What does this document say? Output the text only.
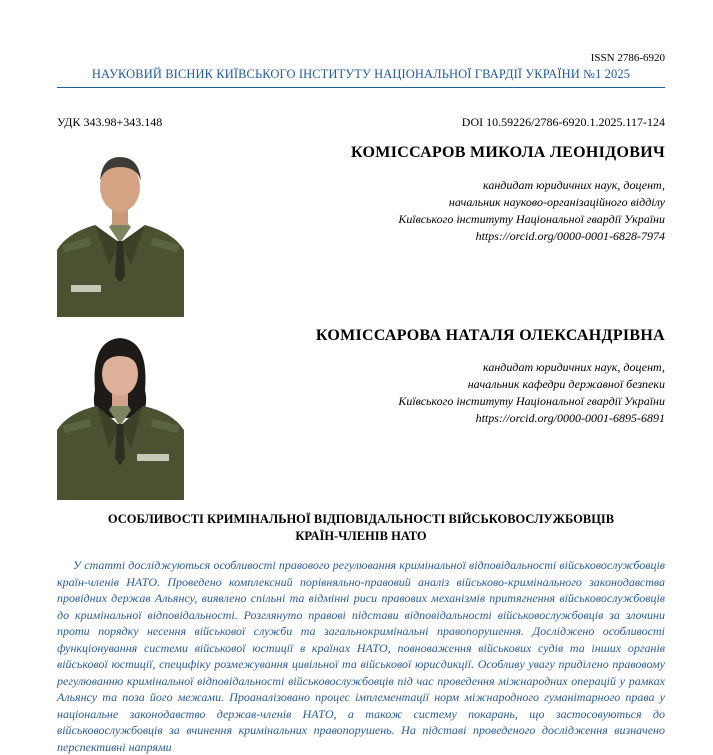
ISSN 2786-6920
НАУКОВИЙ ВІСНИК КИЇВСЬКОГО ІНСТИТУТУ НАЦІОНАЛЬНОЇ ГВАРДІЇ УКРАЇНИ №1 2025
УДК 343.98+343.148	DOI 10.59226/2786-6920.1.2025.117-124
КОМІССАРОВ МИКОЛА ЛЕОНІДОВИЧ
кандидат юридичних наук, доцент,
начальник науково-організаційного відділу
Київського інституту Національної гвардії України
https://orcid.org/0000-0001-6828-7974
КОМІССАРОВА НАТАЛЯ ОЛЕКСАНДРІВНА
кандидат юридичних наук, доцент,
начальник кафедри державної безпеки
Київського інституту Національної гвардії України
https://orcid.org/0000-0001-6895-6891
ОСОБЛИВОСТІ КРИМІНАЛЬНОЇ ВІДПОВІДАЛЬНОСТІ ВІЙСЬКОВОСЛУЖБОВЦІВ
КРАЇН-ЧЛЕНІВ НАТО
У статті досліджуються особливості правового регулювання кримінальної відповідальності військовослужбовців країн-членів НАТО. Проведено комплексний порівняльно-правовий аналіз військово-кримінального законодавства провідних держав Альянсу, виявлено спільні та відмінні риси правових механізмів притягнення військовослужбовців до кримінальної відповідальності. Розглянуто правові підстави відповідальності військовослужбовців за злочини проти порядку несення військової служби та загальнокримінальні правопорушення. Досліджено особливості функціонування системи військової юстиції в країнах НАТО, повноваження військових судів та інших органів військової юстиції, специфіку розмежування цивільної та військової юрисдикції. Особливу увагу приділено правовому регулюванню кримінальної відповідальності військовослужбовців під час проведення міжнародних операцій у рамках Альянсу та поза його межами. Проаналізовано процес імплементації норм міжнародного гуманітарного права у національне законодавство держав-членів НАТО, а також систему покарань, що застосовуються до військовослужбовців за вчинення кримінальних правопорушень. На підставі проведеного дослідження визначено перспективні напрями
